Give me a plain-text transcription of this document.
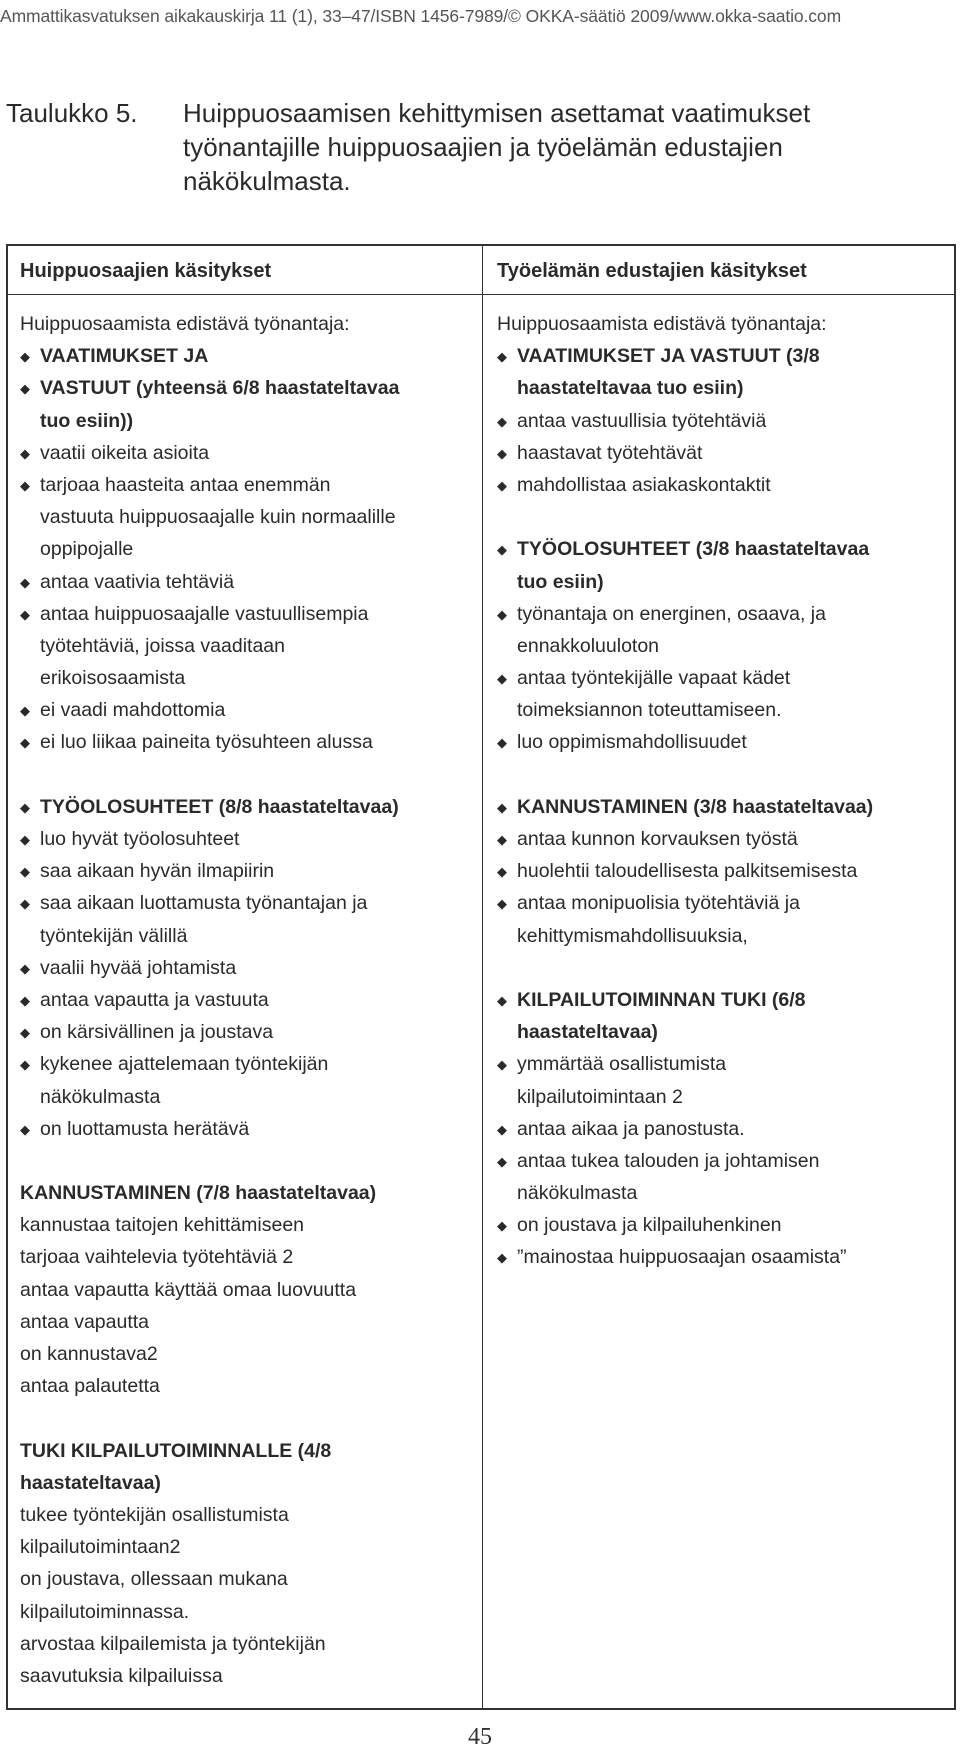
Ammattikasvatuksen aikakauskirja 11 (1), 33–47/ISBN 1456-7989/© OKKA-säätiö 2009/www.okka-saatio.com
Taulukko 5. Huippuosaamisen kehittymisen asettamat vaatimukset
työnantajille huippuosaajien ja työelämän edustajien
näkökulmasta.
Huippuosaajien käsitykset
Huippuosaamista edistävä työnantaja:
◆ VAATIMUKSET JA
◆ VASTUUT (yhteensä 6/8 haastateltavaa
tuo esiin))
◆ vaatii oikeita asioita
◆ tarjoaa haasteita antaa enemmän
vastuuta huippuosaajalle kuin normaalille
oppipojalle
◆ antaa vaativia tehtäviä
◆ antaa huippuosaajalle vastuullisempia
työtehtäviä, joissa vaaditaan
erikoisosaamista
◆ ei vaadi mahdottomia
◆ ei luo liikaa paineita työsuhteen alussa
◆ TYÖOLOSUHTEET (8/8 haastateltavaa)
◆ luo hyvät työolosuhteet
◆ saa aikaan hyvän ilmapiirin
◆ saa aikaan luottamusta työnantajan ja
työntekijän välillä
◆ vaalii hyvää johtamista
◆ antaa vapautta ja vastuuta
◆ on kärsivällinen ja joustava
◆ kykenee ajattelemaan työntekijän
näkökulmasta
◆ on luottamusta herätävä
KANNUSTAMINEN (7/8 haastateltavaa)
kannustaa taitojen kehittämiseen
tarjoaa vaihtelevia työtehtäviä 2
antaa vapautta käyttää omaa luovuutta
antaa vapautta
on kannustava2
antaa palautetta
TUKI KILPAILUTOIMINNALLE (4/8
haastateltavaa)
tukee työntekijän osallistumista
kilpailutoimintaan2
on joustava, ollessaan mukana
kilpailutoiminnassa.
arvostaa kilpailemista ja työntekijän
saavutuksia kilpailuissa
Työelämän edustajien käsitykset
Huippuosaamista edistävä työnantaja:
◆ VAATIMUKSET JA VASTUUT (3/8
haastateltavaa tuo esiin)
◆ antaa vastuullisia työtehtäviä
◆ haastavat työtehtävät
◆ mahdollistaa asiakaskontaktit
◆ TYÖOLOSUHTEET (3/8 haastateltavaa
tuo esiin)
◆ työnantaja on energinen, osaava, ja
ennakkoluuloton
◆ antaa työntekijälle vapaat kädet
toimeksiannon toteuttamiseen.
◆ luo oppimismahdollisuudet
◆ KANNUSTAMINEN (3/8 haastateltavaa)
◆ antaa kunnon korvauksen työstä
◆ huolehtii taloudellisesta palkitsemisesta
◆ antaa monipuolisia työtehtäviä ja
kehittymismahdollisuuksia,
◆ KILPAILUTOIMINNAN TUKI (6/8
haastateltavaa)
◆ ymmärtää osallistumista
kilpailutoimintaan 2
◆ antaa aikaa ja panostusta.
◆ antaa tukea talouden ja johtamisen
näkökulmasta
◆ on joustava ja kilpailuhenkinen
◆ ”mainostaa huippuosaajan osaamista”
45
